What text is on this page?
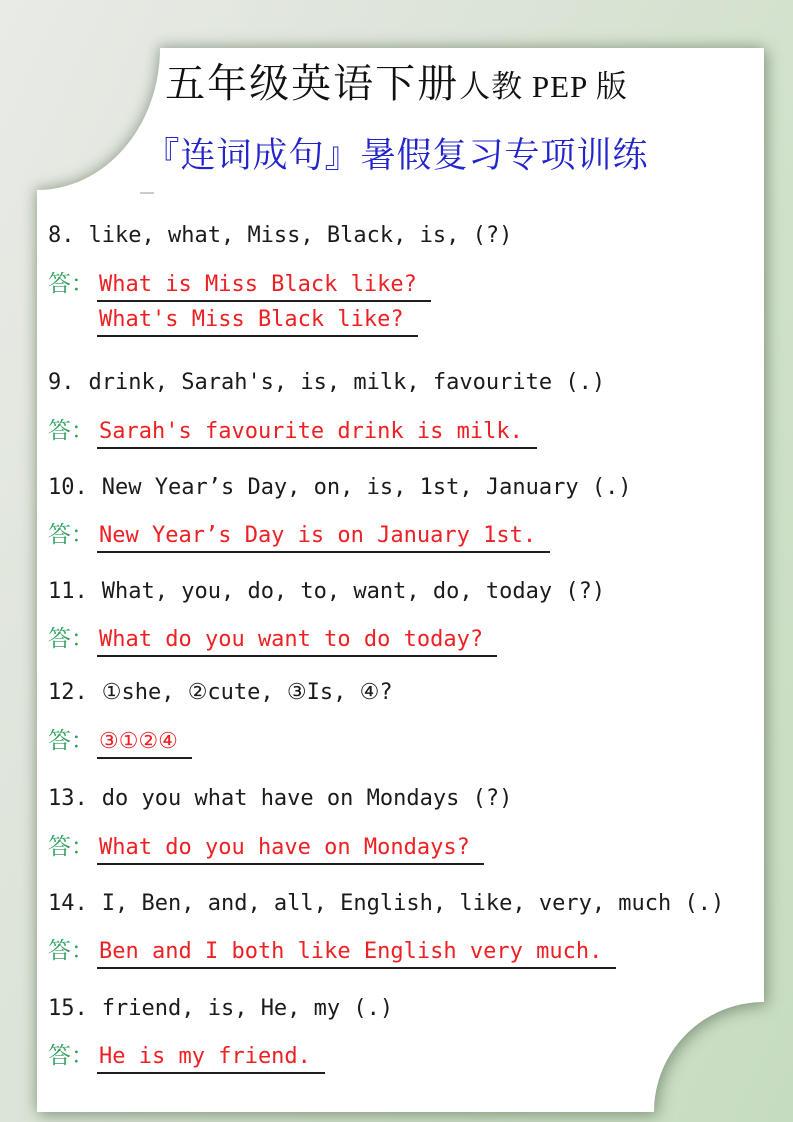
五年级英语下册人教 PEP 版
『连词成句』暑假复习专项训练
8. like, what, Miss, Black, is, (?)
答： What is Miss Black like?
What's Miss Black like?
9. drink, Sarah's, is, milk, favourite (.)
答： Sarah's favourite drink is milk.
10. New Year’s Day, on, is, 1st, January (.)
答： New Year’s Day is on January 1st.
11. What, you, do, to, want, do, today (?)
答： What do you want to do today?
12. ①she, ②cute, ③Is, ④?
答： ③①②④
13. do you what have on Mondays (?)
答： What do you have on Mondays?
14. I, Ben, and, all, English, like, very, much (.)
答： Ben and I both like English very much.
15. friend, is, He, my (.)
答： He is my friend.
